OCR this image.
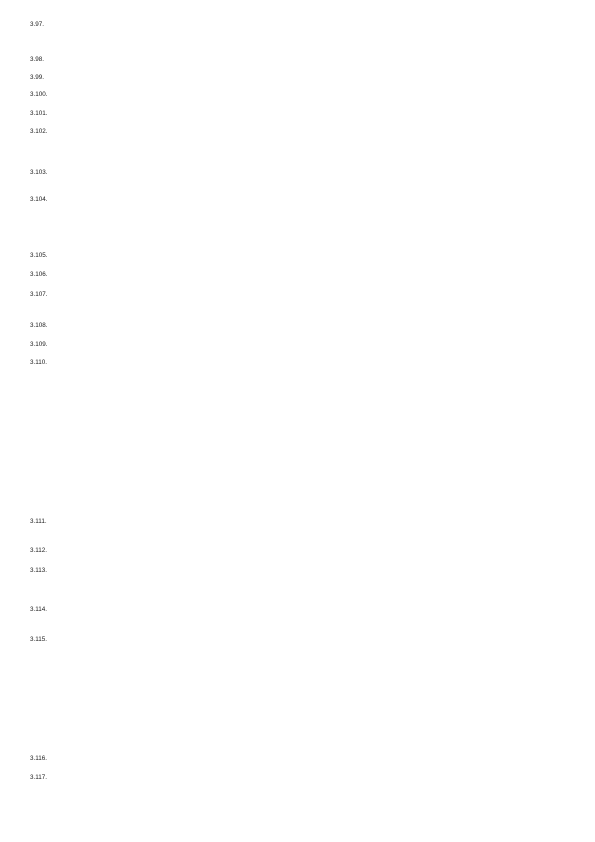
3.97.

3.98.

3.99.

3.100.

3.101.

3.102.

3.103.

3.104.

3.105.

3.106.

3.107.

3.108.

3.109.

3.110.

3.111.

3.112.

3.113.

3.114.

3.115.

3.116.

3.117.
